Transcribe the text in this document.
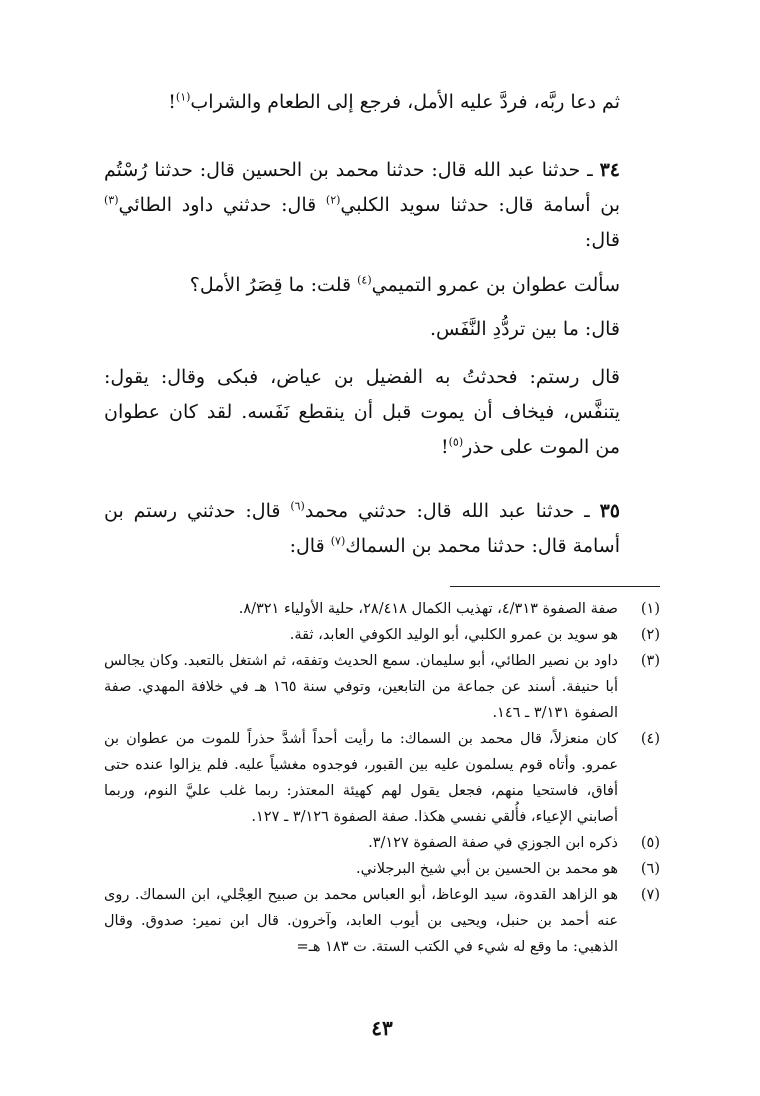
ثم دعا ربَّه، فردَّ عليه الأمل، فرجع إلى الطعام والشراب$^{(١)}$!

٣٤ ـ حدثنا عبد الله قال: حدثنا محمد بن الحسين قال: حدثنا رُسْتُم بن أسامة قال: حدثنا سويد الكلبي$^{(٢)}$ قال: حدثني داود الطائي$^{(٣)}$ قال:

سألت عطوان بن عمرو التميمي$^{(٤)}$ قلت: ما قِصَرُ الأمل؟

قال: ما بين تردُّدِ النَّفَس.

قال رستم: فحدثتُ به الفضيل بن عياض، فبكى وقال: يقول: يتنفَّس، فيخاف أن يموت قبل أن ينقطع نَفَسه. لقد كان عطوان من الموت على حذر$^{(٥)}$!

٣٥ ـ حدثنا عبد الله قال: حدثني محمد$^{(٦)}$ قال: حدثني رستم بن أسامة قال: حدثنا محمد بن السماك$^{(٧)}$ قال:

(١)
صفة الصفوة ٤/٣١٣، تهذيب الكمال ٢٨/٤١٨، حلية الأولياء ٨/٣٢١.
(٢)
هو سويد بن عمرو الكلبي، أبو الوليد الكوفي العابد، ثقة.
(٣)
داود بن نصير الطائي، أبو سليمان. سمع الحديث وتفقه، ثم اشتغل بالتعبد. وكان يجالس أبا حنيفة. أسند عن جماعة من التابعين، وتوفي سنة ١٦٥ هـ في خلافة المهدي. صفة الصفوة ٣/١٣١ ـ ١٤٦.
(٤)
كان منعزلاً، قال محمد بن السماك: ما رأيت أحداً أشدَّ حذراً للموت من عطوان بن عمرو. وأتاه قوم يسلمون عليه بين القبور، فوجدوه مغشياً عليه. فلم يزالوا عنده حتى أفاق، فاستحيا منهم، فجعل يقول لهم كهيئة المعتذر: ربما غلب عليَّ النوم، وربما أصابني الإعياء، فأُلقي نفسي هكذا. صفة الصفوة ٣/١٢٦ ـ ١٢٧.
(٥)
ذكره ابن الجوزي في صفة الصفوة ٣/١٢٧.
(٦)
هو محمد بن الحسين بن أبي شيخ البرجلاني.
(٧)
هو الزاهد القدوة، سيد الوعاظ، أبو العباس محمد بن صبيح العِجْلي، ابن السماك. روى عنه أحمد بن حنبل، ويحيى بن أيوب العابد، وآخرون. قال ابن نمير: صدوق. وقال الذهبي: ما وقع له شيء في الكتب الستة. ت ١٨٣ هـ=
٤٣
